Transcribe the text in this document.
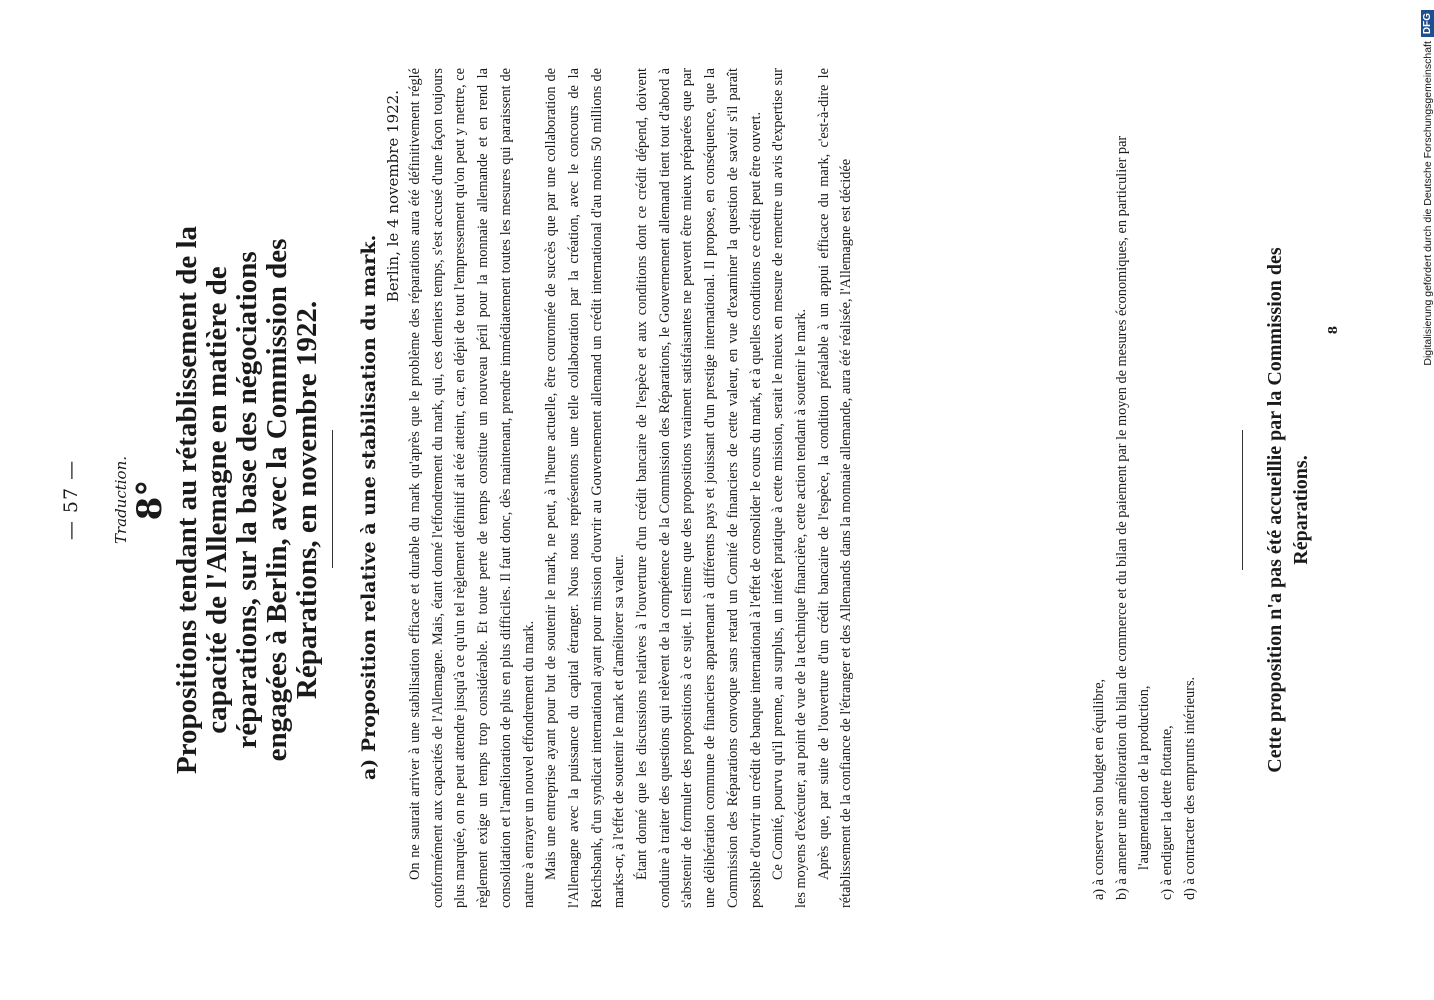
— 57 — Traduction. 8° Propositions tendant au rétablissement de la capacité de l'Allemagne en matière de réparations, sur la base des négociations engagées à Berlin, avec la Commission des Réparations, en novembre 1922. a) Proposition relative à une stabilisation du mark.
Berlin, le 4 novembre 1922. On ne saurait arriver à une stabilisation efficace et durable du mark qu'après que le problème des réparations aura été définitivement réglé conformément aux capacités de l'Allemagne. Mais, étant donné l'effondrement du mark, qui, ces derniers temps, s'est accusé d'une façon toujours plus marquée, on ne peut attendre jusqu'à ce qu'un tel règlement définitif ait été atteint, car, en dépit de tout l'empressement qu'on peut y mettre, ce règlement exige un temps trop considérable. Et toute perte de temps constitue un nouveau péril pour la monnaie allemande et en rend la consolidation et l'amélioration de plus en plus difficiles. Il faut donc, dès maintenant, prendre immédiatement toutes les mesures qui paraissent de nature à enrayer un nouvel effondrement du mark. Mais une entreprise ayant pour but de soutenir le mark, ne peut, à l'heure actuelle, être couronnée de succès que par une collaboration de l'Allemagne avec la puissance du capital étranger. Nous nous représentons une telle collaboration par la création, avec le concours de la Reichsbank, d'un syndicat international ayant pour mission d'ouvrir au Gouvernement allemand un crédit international d'au moins 50 millions de marks-or, à l'effet de soutenir le mark et d'améliorer sa valeur. Étant donné que les discussions relatives à l'ouverture d'un crédit bancaire de l'espèce et aux conditions dont ce crédit dépend, doivent conduire à traiter des questions qui relèvent de la compétence de la Commission des Réparations, le Gouvernement allemand tient tout d'abord à s'abstenir de formuler des propositions à ce sujet. Il estime que des propositions vraiment satisfaisantes ne peuvent être mieux préparées que par une délibération commune de financiers appartenant à différents pays et jouissant d'un prestige international. Il propose, en conséquence, que la Commission des Réparations convoque sans retard un Comité de financiers de cette valeur, en vue d'examiner la question de savoir s'il paraît possible d'ouvrir un crédit de banque international à l'effet de consolider le cours du mark, et à quelles conditions ce crédit peut être ouvert. Ce Comité, pourvu qu'il prenne, au surplus, un intérêt pratique à cette mission, serait le mieux en mesure de remettre un avis d'expertise sur les moyens d'exécuter, au point de vue de la technique financière, cette action tendant à soutenir le mark. Après que, par suite de l'ouverture d'un crédit bancaire de l'espèce, la condition préalable à un appui efficace du mark, c'est-à-dire le rétablissement de la confiance de l'étranger et des Allemands dans la monnaie allemande, aura été réalisée, l'Allemagne est décidée	a) à conserver son budget en équilibre, b) à amener une amélioration du bilan de commerce et du bilan de paiement par le moyen de mesures économiques, en particulier par l'augmentation de la production, c) à endiguer la dette flottante, d) à contracter des emprunts intérieurs.
Cette proposition n'a pas été accueillie par la Commission des Réparations.
8	Digitalisierung gefördert durch die Deutsche Forschungsgemeinschaft
DFG
